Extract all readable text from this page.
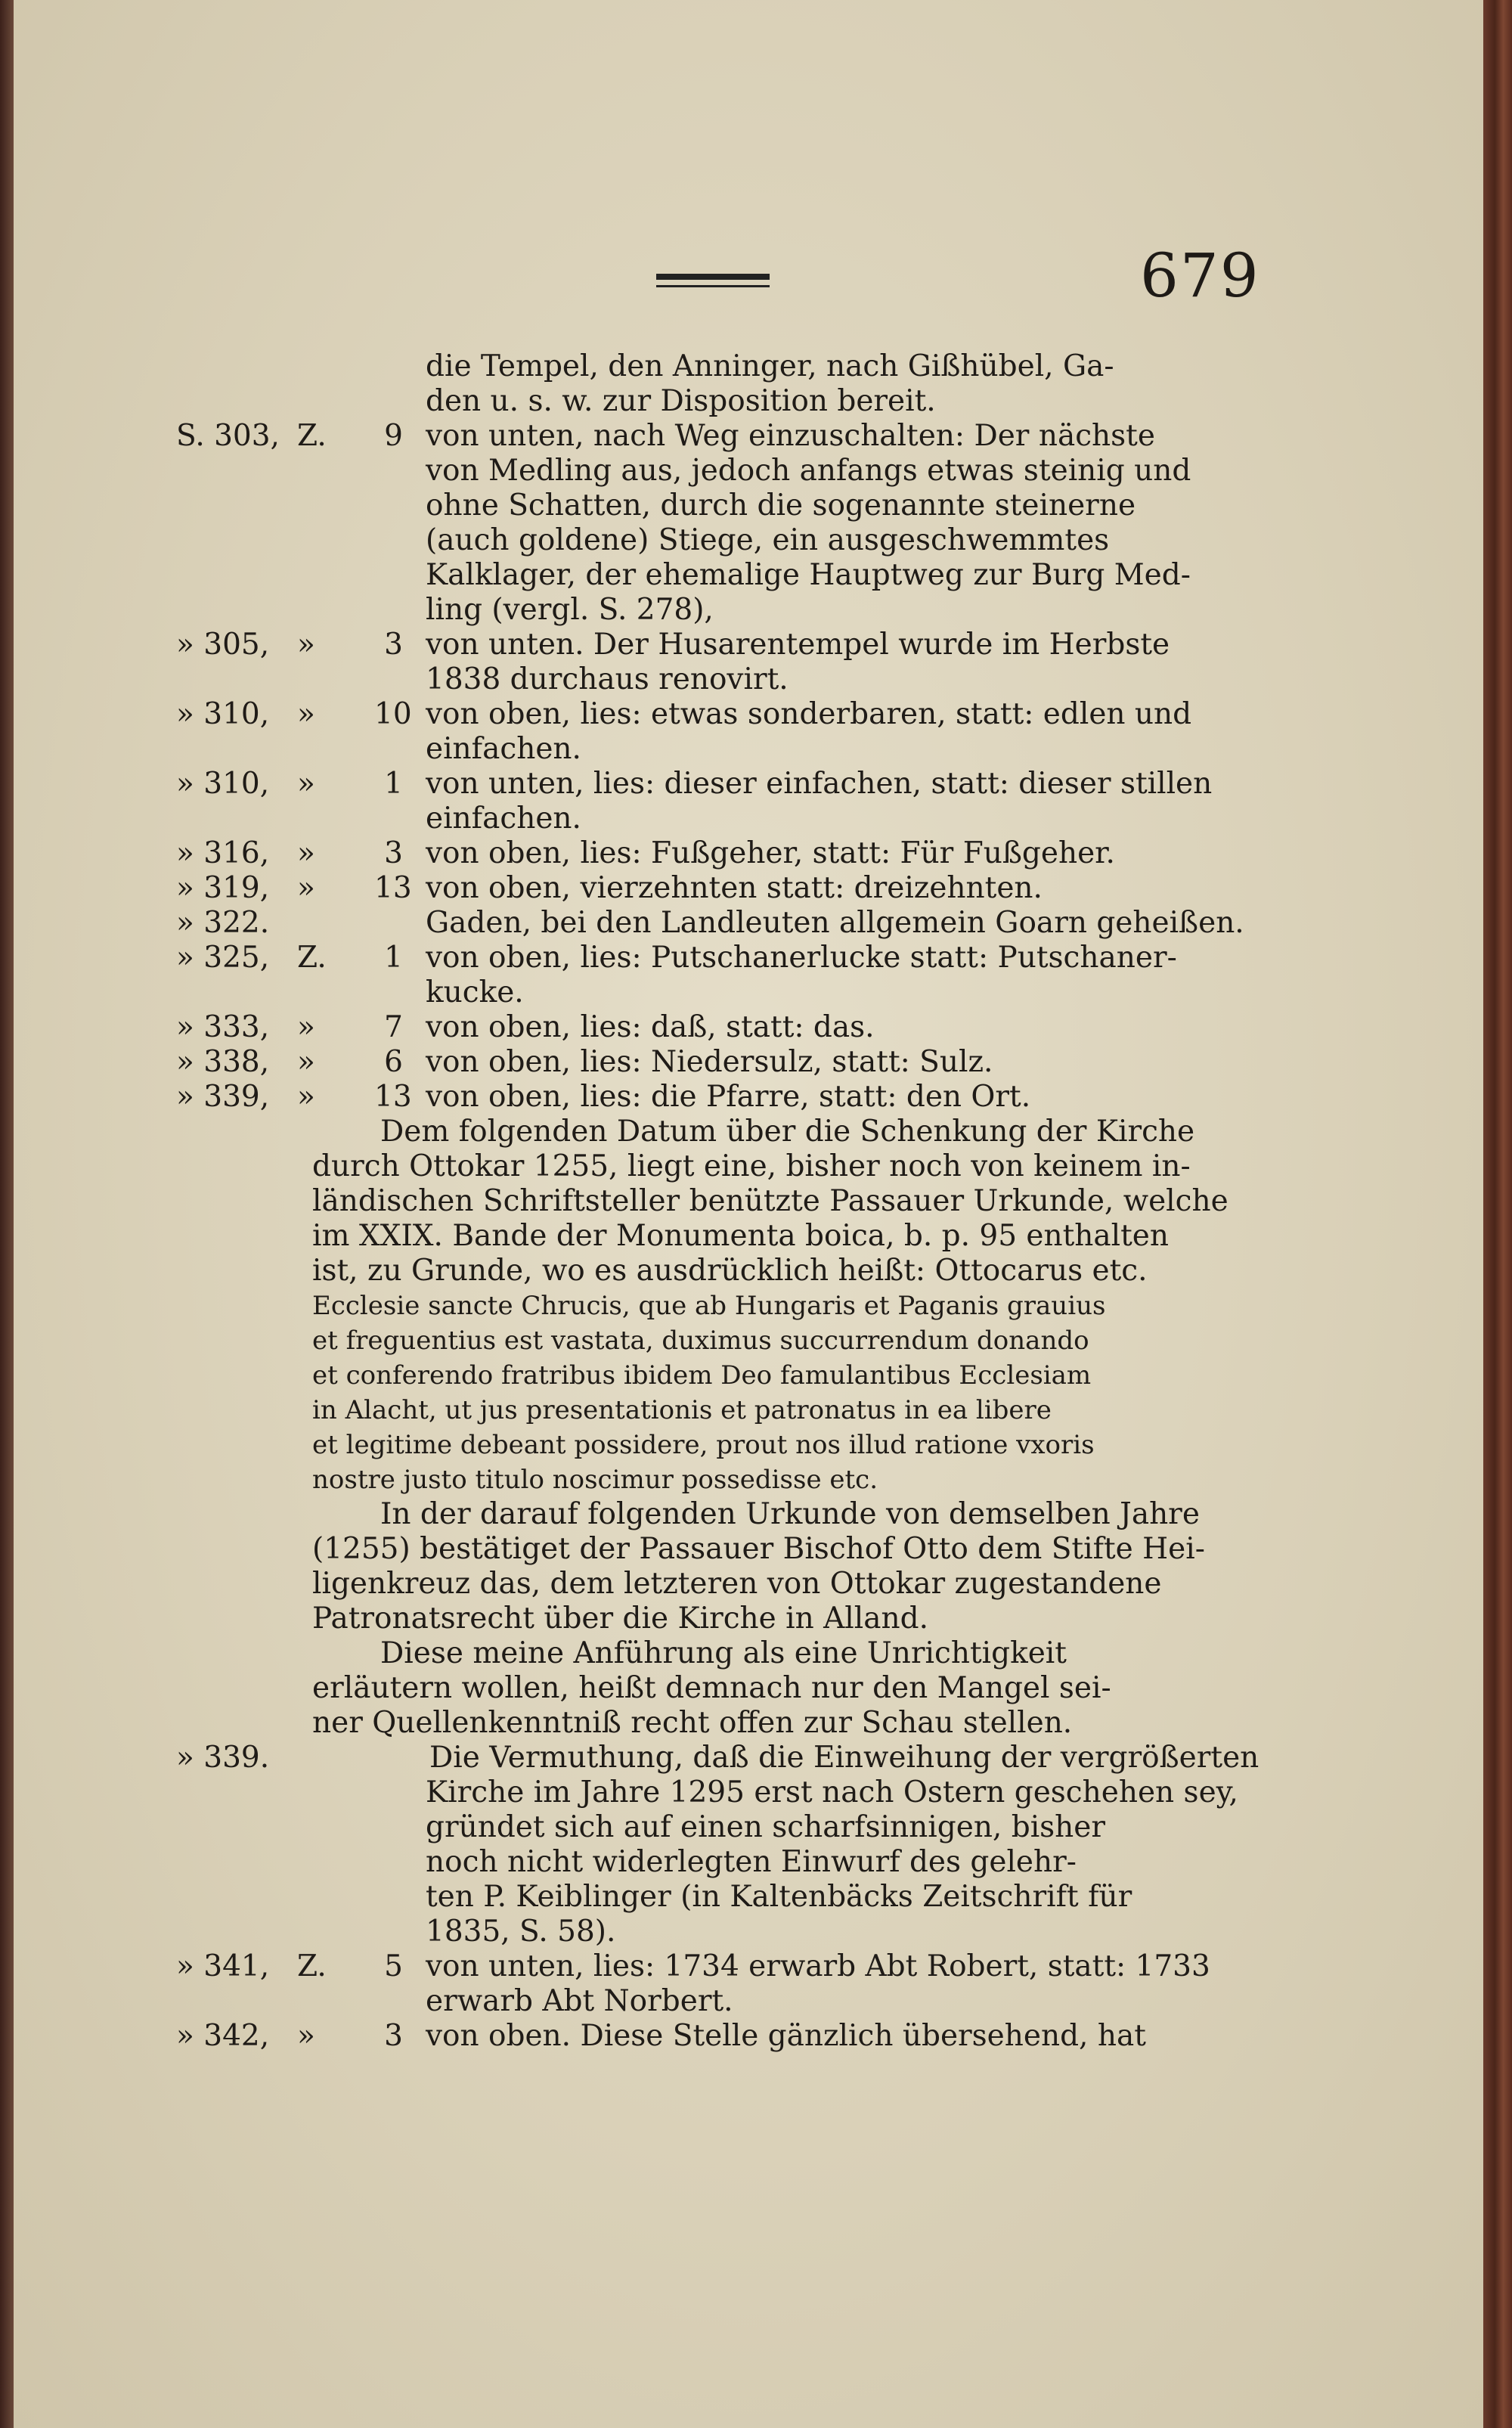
679
die Tempel, den Anninger, nach Gißhübel, Ga-
den u. s. w. zur Disposition bereit.
S. 303, Z.	9 von unten, nach Weg einzuschalten: Der nächste
von Medling aus, jedoch anfangs etwas steinig und
ohne Schatten, durch die sogenannte steinerne
(auch goldene) Stiege, ein ausgeschwemmtes
Kalklager, der ehemalige Hauptweg zur Burg Med-
ling (vergl. S. 278),
» 305, »	3 von unten. Der Husarentempel wurde im Herbste
1838 durchaus renovirt.
» 310, » 10 von oben, lies: etwas sonderbaren, statt: edlen und
einfachen.
» 310, »	1 von unten, lies: dieser einfachen, statt: dieser stillen
einfachen.
» 316, »	3 von oben, lies: Fußgeher, statt: Für Fußgeher.
» 319, » 13 von oben, vierzehnten statt: dreizehnten.
» 322.	Gaden, bei den Landleuten allgemein Goarn geheißen.
» 325, Z.	1 von oben, lies: Putschanerlucke statt: Putschaner-
kucke.
» 333, »	7 von oben, lies: daß, statt: das.
» 338, »	6 von oben, lies: Niedersulz, statt: Sulz.
» 339, » 13 von oben, lies: die Pfarre, statt: den Ort.
Dem folgenden Datum über die Schenkung der Kirche
durch Ottokar 1255, liegt eine, bisher noch von keinem in-
ländischen Schriftsteller benützte Passauer Urkunde, welche
im XXIX. Bande der Monumenta boica, b. p. 95 enthalten
ist, zu Grunde, wo es ausdrücklich heißt: Ottocarus etc.
Ecclesie sancte Chrucis, que ab Hungaris et Paganis grauius
et freguentius est vastata, duximus succurrendum donando
et conferendo fratribus ibidem Deo famulantibus Ecclesiam
in Alacht, ut jus presentationis et patronatus in ea libere
et legitime debeant possidere, prout nos illud ratione vxoris
nostre justo titulo noscimur possedisse etc.
In der darauf folgenden Urkunde von demselben Jahre
(1255) bestätiget der Passauer Bischof Otto dem Stifte Hei-
ligenkreuz das, dem letzteren von Ottokar zugestandene
Patronatsrecht über die Kirche in Alland.
Diese meine Anführung als eine Unrichtigkeit
erläutern wollen, heißt demnach nur den Mangel sei-
ner Quellenkenntniß recht offen zur Schau stellen.
» 339.	Die Vermuthung, daß die Einweihung der vergrößerten
Kirche im Jahre 1295 erst nach Ostern geschehen sey,
gründet sich auf einen scharfsinnigen, bisher
noch nicht widerlegten Einwurf des gelehr-
ten P. Keiblinger (in Kaltenbäcks Zeitschrift für
1835, S. 58).
» 341, Z.	5 von unten, lies: 1734 erwarb Abt Robert, statt: 1733
erwarb Abt Norbert.
» 342, »	3 von oben. Diese Stelle gänzlich übersehend, hat
